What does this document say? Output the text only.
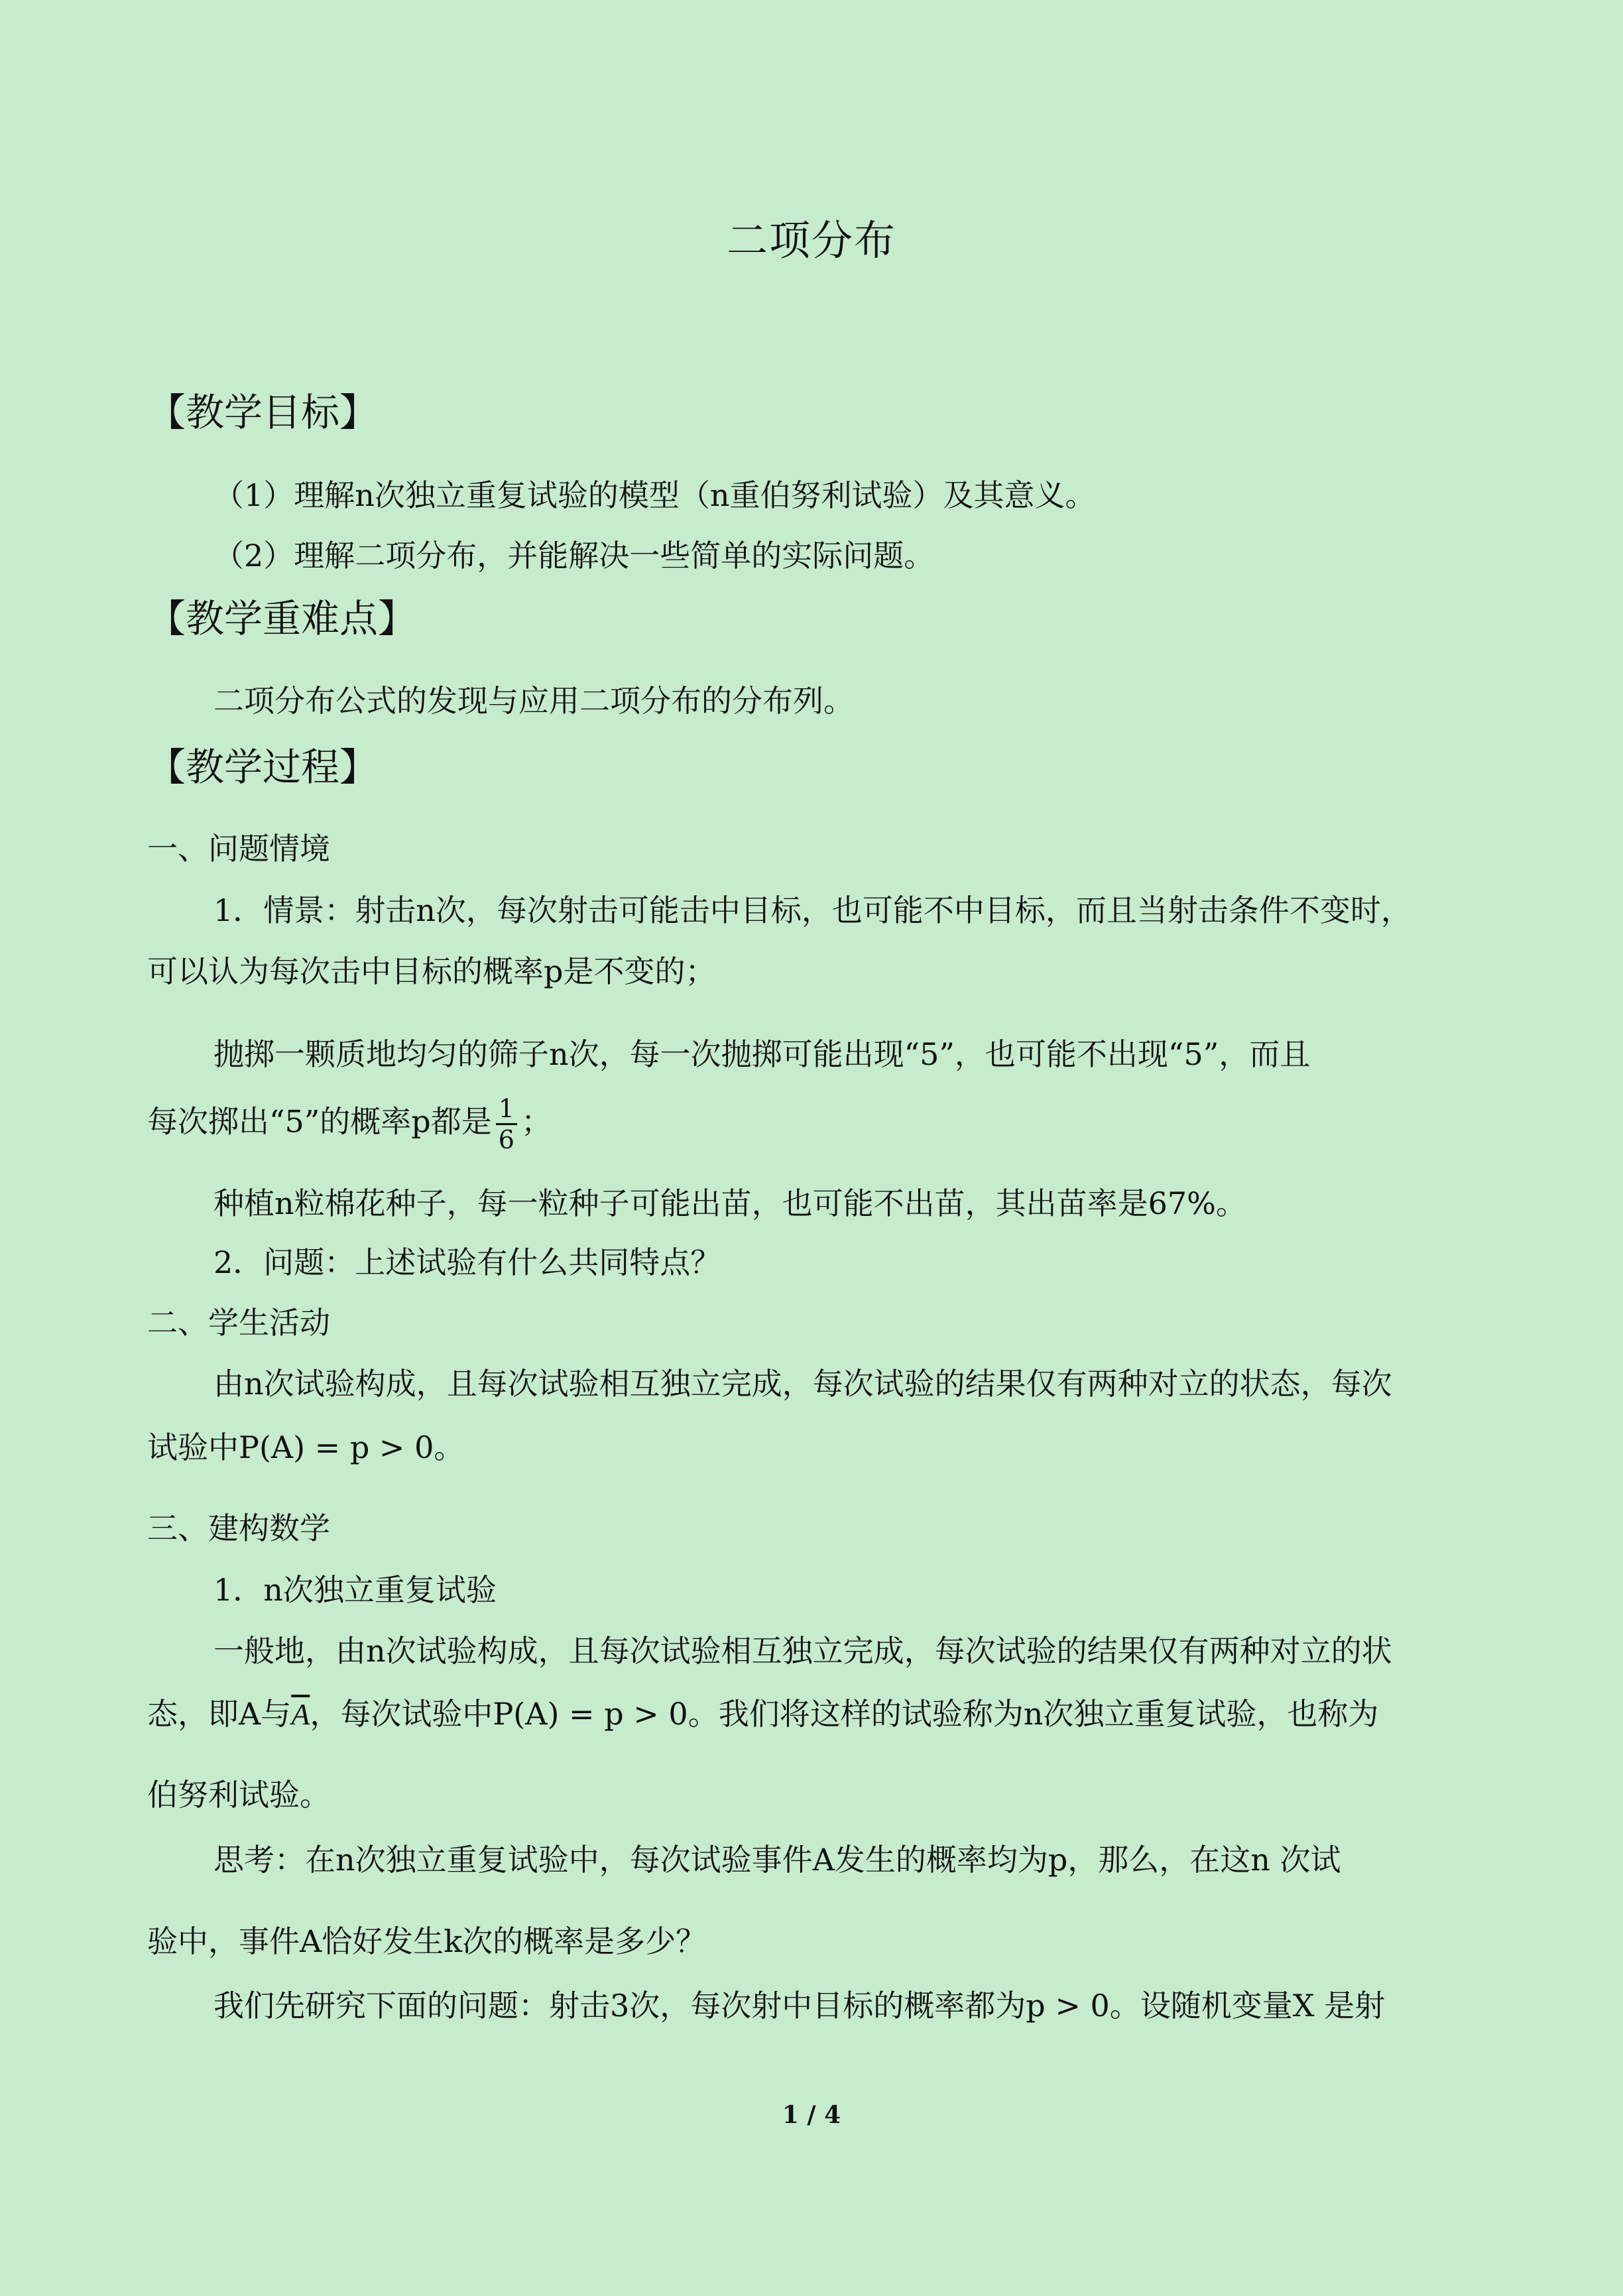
二项分布
【教学目标】
（1）理解n次独立重复试验的模型（n重伯努利试验）及其意义。
（2）理解二项分布，并能解决一些简单的实际问题。
【教学重难点】
二项分布公式的发现与应用二项分布的分布列。
【教学过程】
一、问题情境
1．情景：射击n次，每次射击可能击中目标，也可能不中目标，而且当射击条件不变时，
可以认为每次击中目标的概率p是不变的；
抛掷一颗质地均匀的筛子n次，每一次抛掷可能出现“5”，也可能不出现“5”，而且
每次掷出“5”的概率p都是 $\frac{1}{6}$ ；
种植n粒棉花种子，每一粒种子可能出苗，也可能不出苗，其出苗率是67%。
2．问题：上述试验有什么共同特点？
二、学生活动
由n次试验构成，且每次试验相互独立完成，每次试验的结果仅有两种对立的状态，每次
试验中P(A) = p > 0。
三、建构数学
1．n次独立重复试验
一般地，由n次试验构成，且每次试验相互独立完成，每次试验的结果仅有两种对立的状
态，即A与$\overline{A}$，每次试验中P(A) = p > 0。我们将这样的试验称为n次独立重复试验，也称为
伯努利试验。
思考：在n次独立重复试验中，每次试验事件A发生的概率均为p，那么，在这n 次试
验中，事件A恰好发生k次的概率是多少？
我们先研究下面的问题：射击3次，每次射中目标的概率都为p > 0。设随机变量X 是射
1 / 4
